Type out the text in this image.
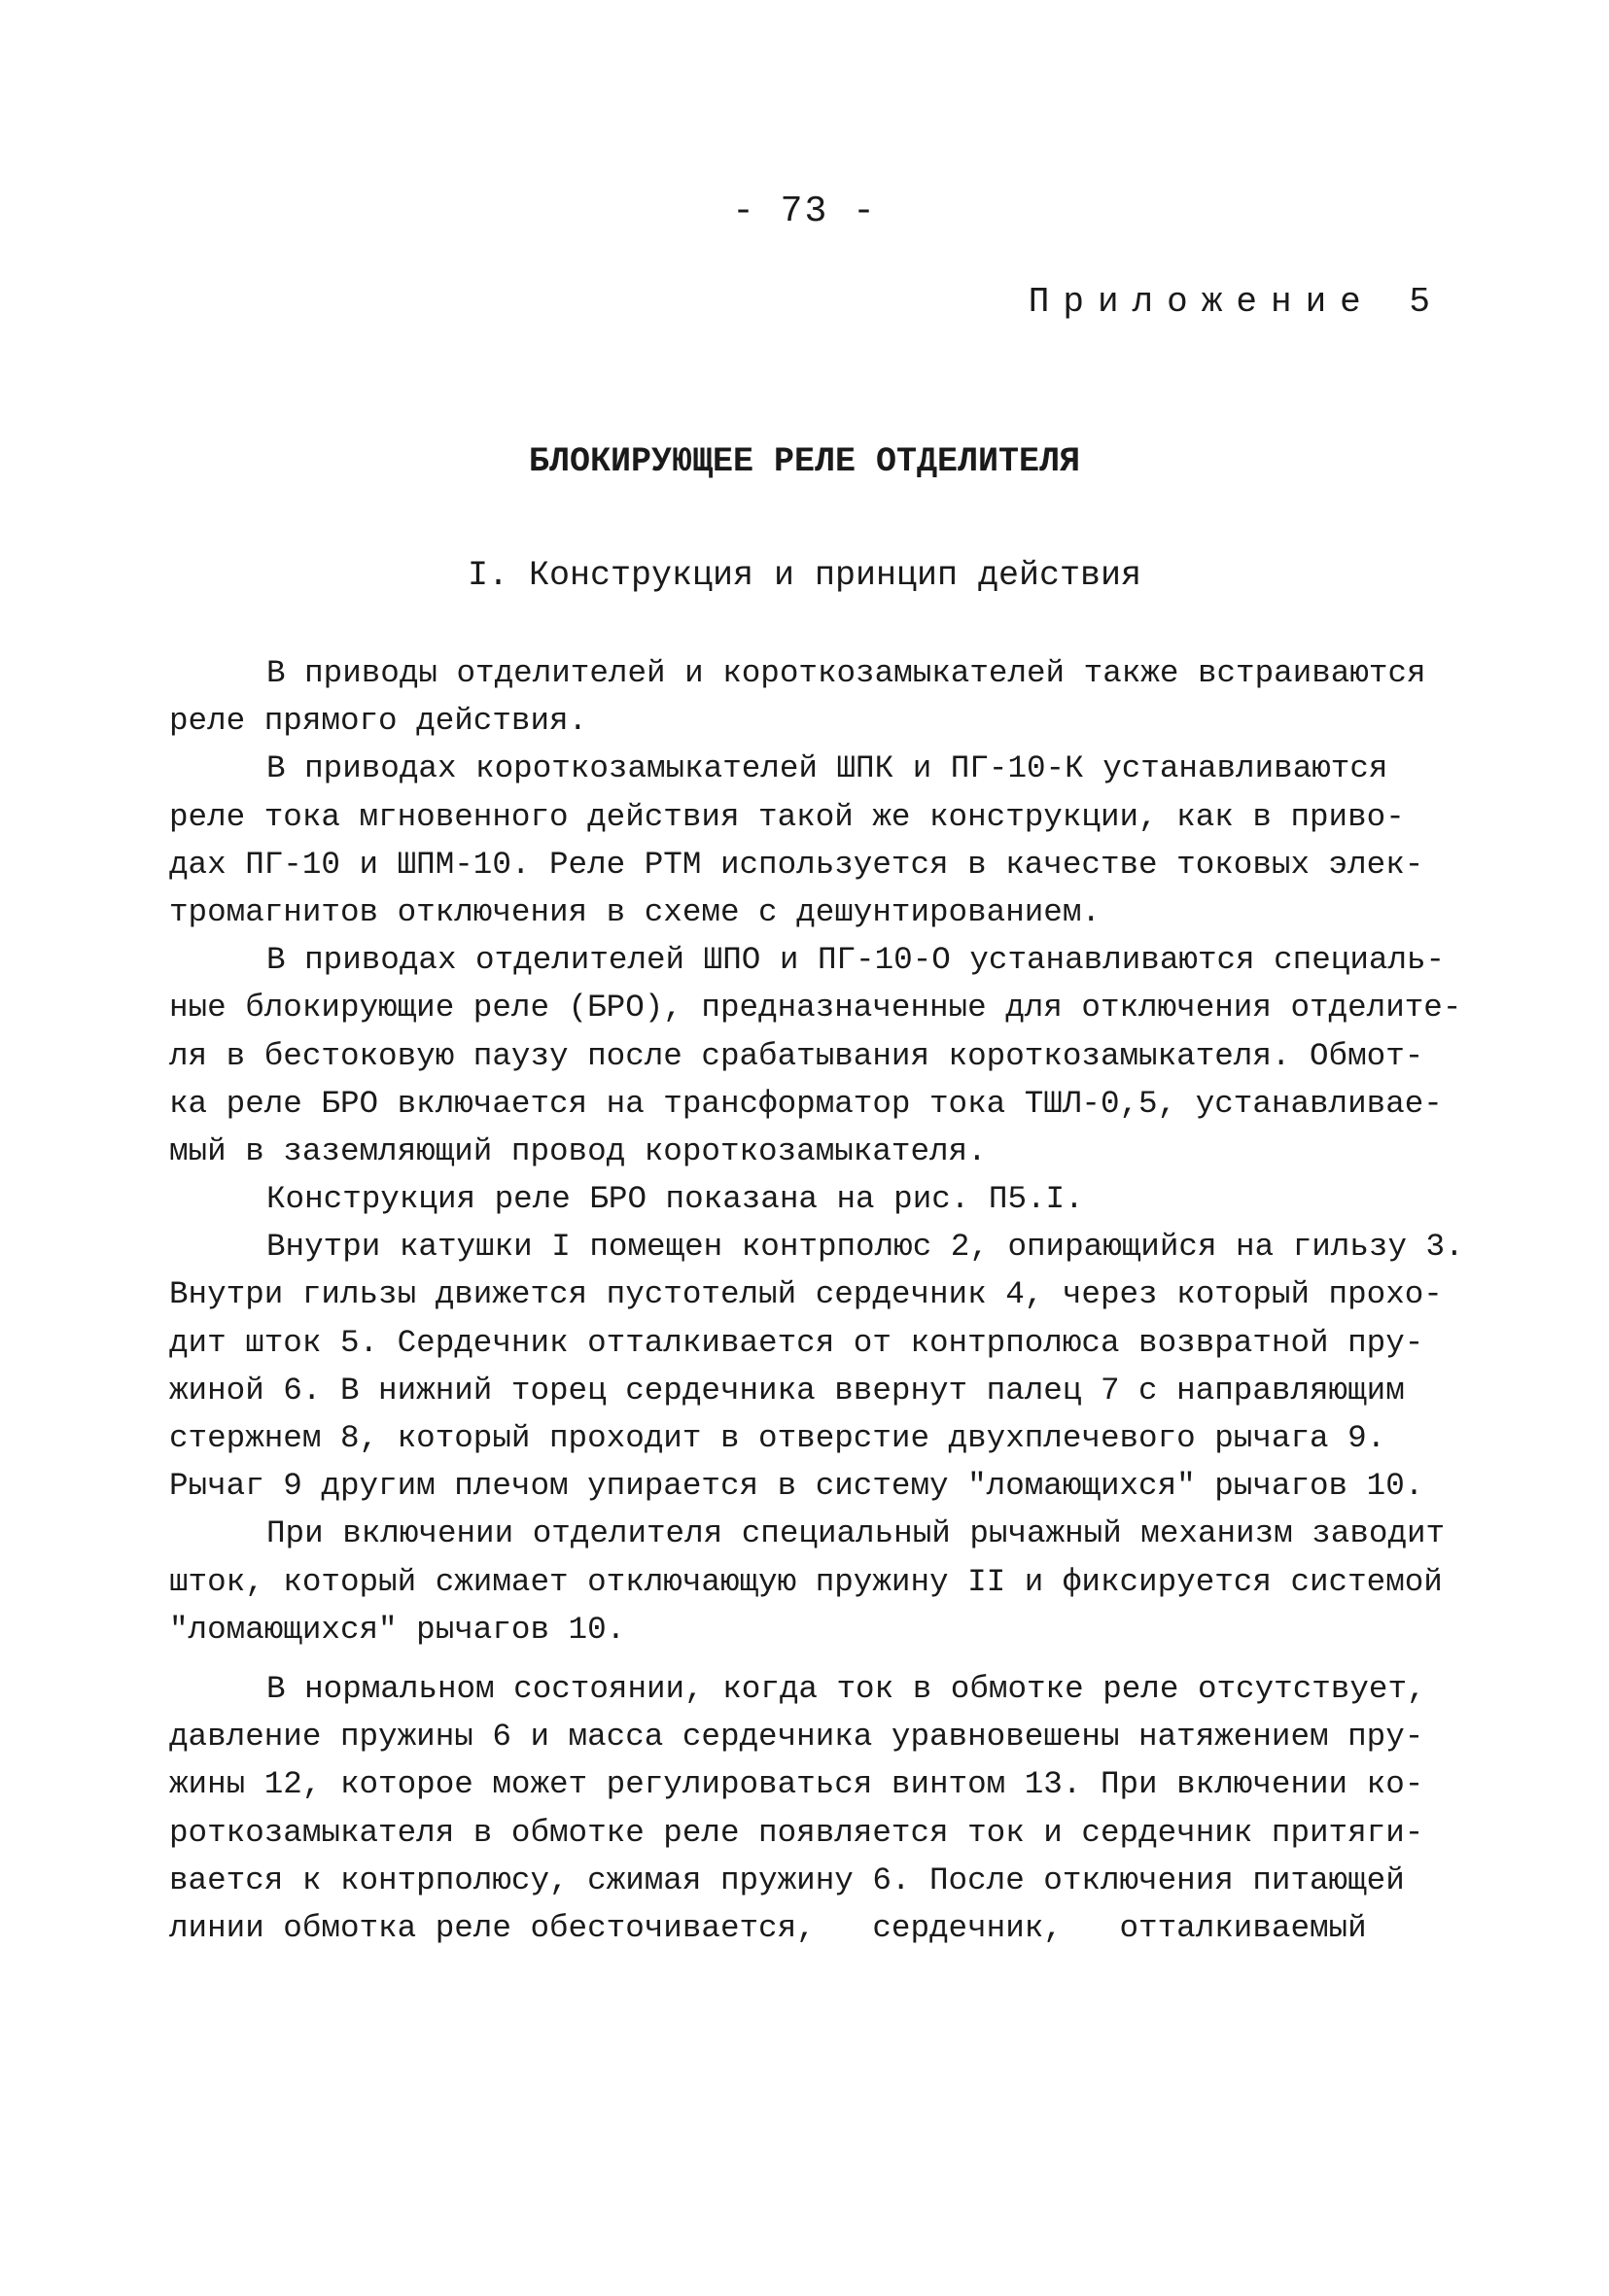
- 73 -
Приложение 5
БЛОКИРУЮЩЕЕ РЕЛЕ ОТДЕЛИТЕЛЯ
I. Конструкция и принцип действия
В приводы отделителей и короткозамыкателей также встраиваются
реле прямого действия.
В приводах короткозамыкателей ШПК и ПГ-10-К устанавливаются
реле тока мгновенного действия такой же конструкции, как в приво-
дах ПГ-10 и ШПМ-10. Реле РТМ используется в качестве токовых элек-
тромагнитов отключения в схеме с дешунтированием.
В приводах отделителей ШПО и ПГ-10-О устанавливаются специаль-
ные блокирующие реле (БРО), предназначенные для отключения отделите-
ля в бестоковую паузу после срабатывания короткозамыкателя. Обмот-
ка реле БРО включается на трансформатор тока ТШЛ-0,5, устанавливае-
мый в заземляющий провод короткозамыкателя.
Конструкция реле БРО показана на рис. П5.I.
Внутри катушки I помещен контрполюс 2, опирающийся на гильзу 3.
Внутри гильзы движется пустотелый сердечник 4, через который прохо-
дит шток 5. Сердечник отталкивается от контрполюса возвратной пру-
жиной 6. В нижний торец сердечника ввернут палец 7 с направляющим
стержнем 8, который проходит в отверстие двухплечевого рычага 9.
Рычаг 9 другим плечом упирается в систему "ломающихся" рычагов 10.
При включении отделителя специальный рычажный механизм заводит
шток, который сжимает отключающую пружину II и фиксируется системой
"ломающихся" рычагов 10.
В нормальном состоянии, когда ток в обмотке реле отсутствует,
давление пружины 6 и масса сердечника уравновешены натяжением пру-
жины 12, которое может регулироваться винтом 13. При включении ко-
роткозамыкателя в обмотке реле появляется ток и сердечник притяги-
вается к контрполюсу, сжимая пружину 6. После отключения питающей
линии обмотка реле обесточивается,   сердечник,   отталкиваемый
